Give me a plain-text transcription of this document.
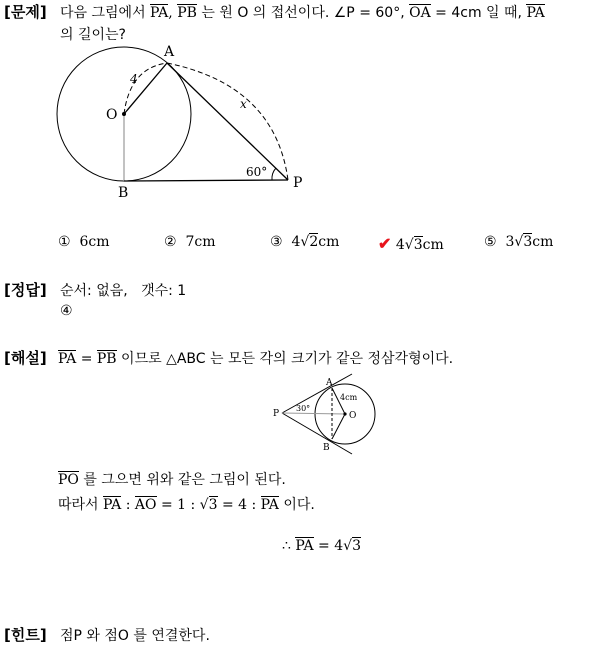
[문제] 다음 그림에서 PA, PB 는 원 O 의 접선이다. ∠P = 60°, OA = 4cm 일 때, PA
의 길이는?
A
O
B
P
4
x
60°
① 6cm	② 7cm	③ 4√2cm ✔ 4√3cm	⑤ 3√3cm
[정답] 순서: 없음,   갯수: 1
④
[해설] PA = PB 이므로 △ABC 는 모든 각의 크기가 같은 정삼각형이다.
P
A
B
O
30°
4cm
PO 를 그으면 위와 같은 그림이 된다.
따라서 PA : AO = 1 : √3 = 4 : PA 이다.
∴ PA = 4√3
[힌트] 점P 와 점O 를 연결한다.
